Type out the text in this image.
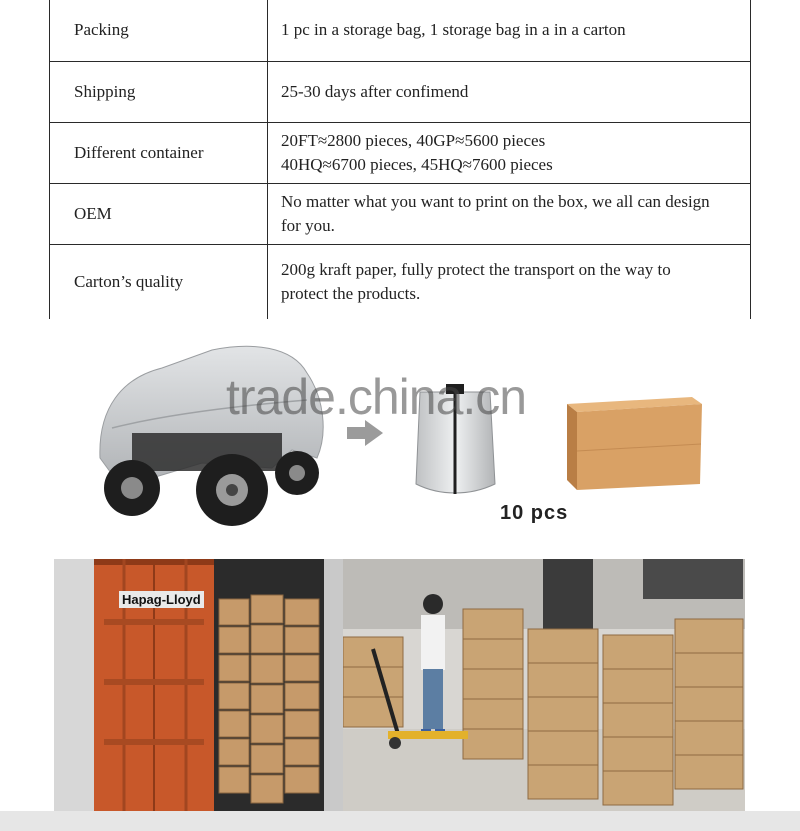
Packing	1 pc in a storage bag, 1 storage bag in a in a carton

Shipping	25-30 days after confimend

Different container	20FT≈2800 pieces, 40GP≈5600 pieces
40HQ≈6700 pieces, 45HQ≈7600 pieces

OEM	No matter what you want to print on the box, we all can design
for you.

Carton’s quality	200g kraft paper, fully protect the transport on the way to
protect the products.
trade.china.cn
10 pcs
Hapag-Lloyd
